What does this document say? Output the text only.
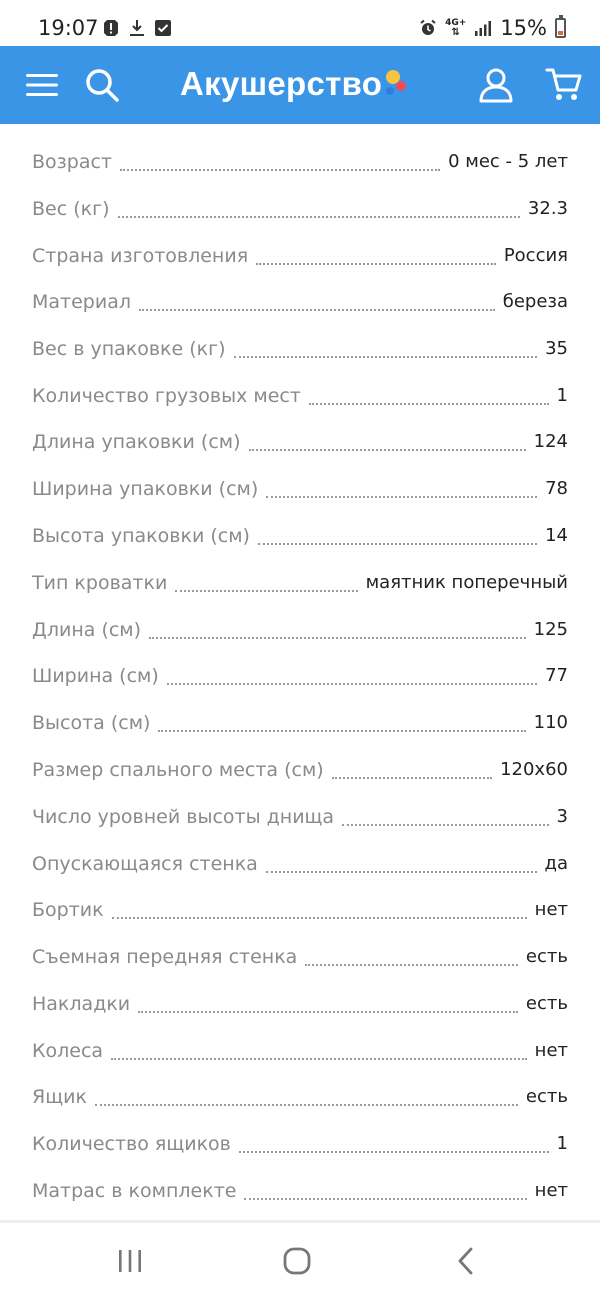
19:07	4G+
⇅ 15%
Акушерство
Возраст	0 мес - 5 лет
Вес (кг)	32.3
Страна изготовления	Россия
Материал	береза
Вес в упаковке (кг)	35
Количество грузовых мест	1
Длина упаковки (см)	124
Ширина упаковки (см)	78
Высота упаковки (см)	14
Тип кроватки	маятник поперечный
Длина (см)	125
Ширина (см)	77
Высота (см)	110
Размер спального места (см)	120x60
Число уровней высоты днища	3
Опускающаяся стенка	да
Бортик	нет
Съемная передняя стенка	есть
Накладки	есть
Колеса	нет
Ящик	есть
Количество ящиков	1
Матрас в комплекте	нет
